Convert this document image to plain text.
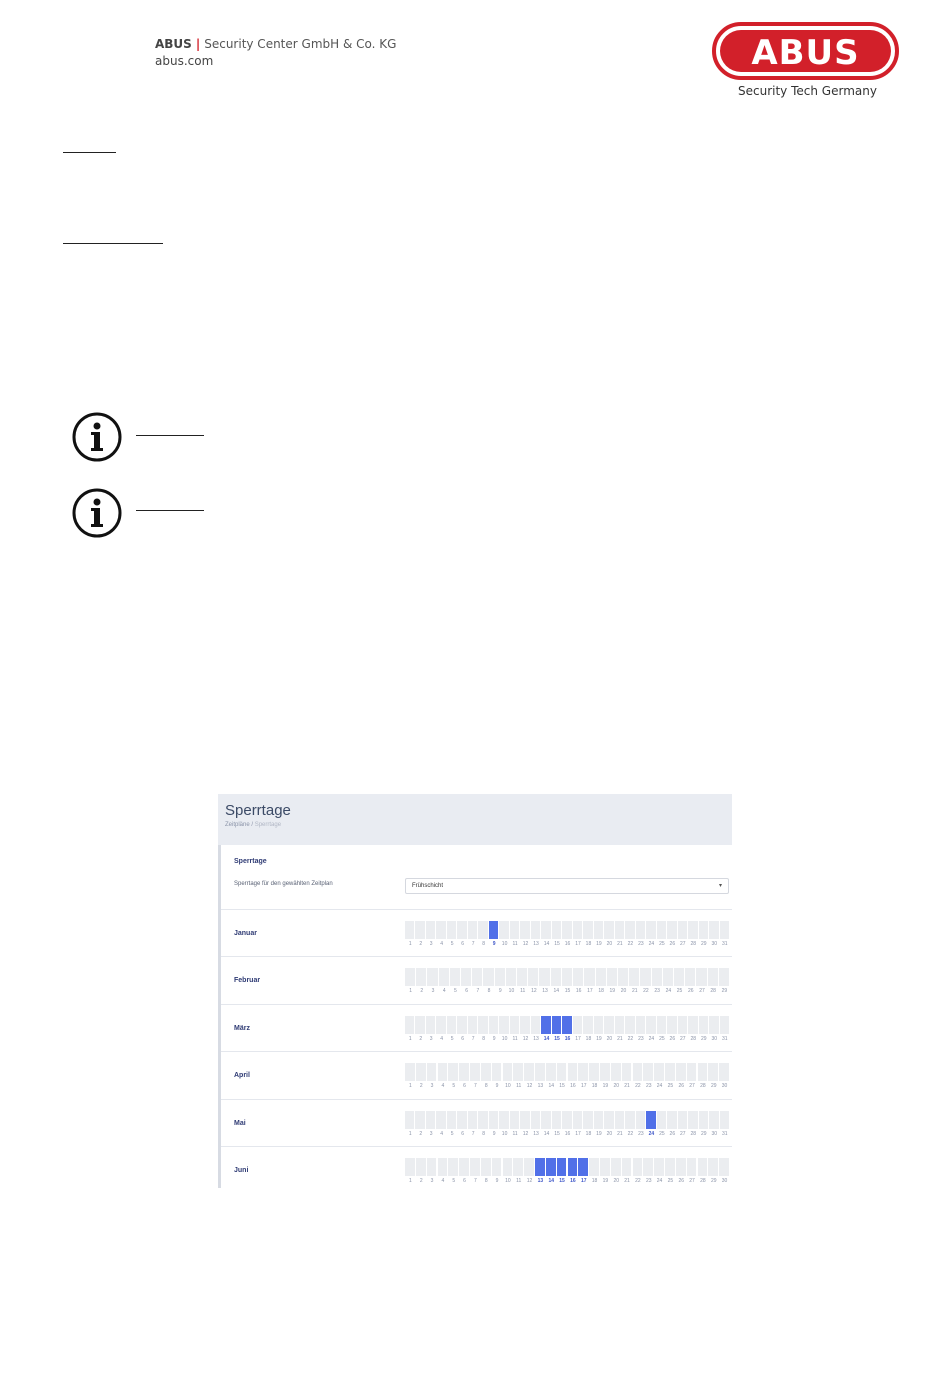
ABUS | Security Center GmbH & Co. KG
abus.com	ABUS
Security Tech Germany
Sperrtage
Zeitpläne / Sperrtage
Sperrtage
Sperrtage für den gewählten Zeitplan	Frühschicht	▾
Januar
1	2	3	4	5	6	7	8	9	10	11	12 13 14 15 16 17 18 19 20 21 22 23 24 25 26 27 28 29 30 31
Februar
1	2	3	4	5	6	7	8	9	10	11	12	13	14	15	16	17	18	19	20	21	22	23	24	25	26	27	28	29
März
1	2	3	4	5	6	7	8	9	10	11	12 13 14 15 16 17 18 19 20 21 22 23 24 25 26 27 28 29 30 31
April
1	2	3	4	5	6	7	8	9	10	11	12	13	14	15	16	17	18	19	20	21	22	23	24	25	26	27	28	29	30
Mai
1	2	3	4	5	6	7	8	9	10	11	12 13 14 15 16 17 18 19 20 21 22 23 24 25 26 27 28 29 30 31
Juni
1	2	3	4	5	6	7	8	9	10	11	12	13	14	15	16	17	18	19	20	21	22	23	24	25	26	27	28	29	30
